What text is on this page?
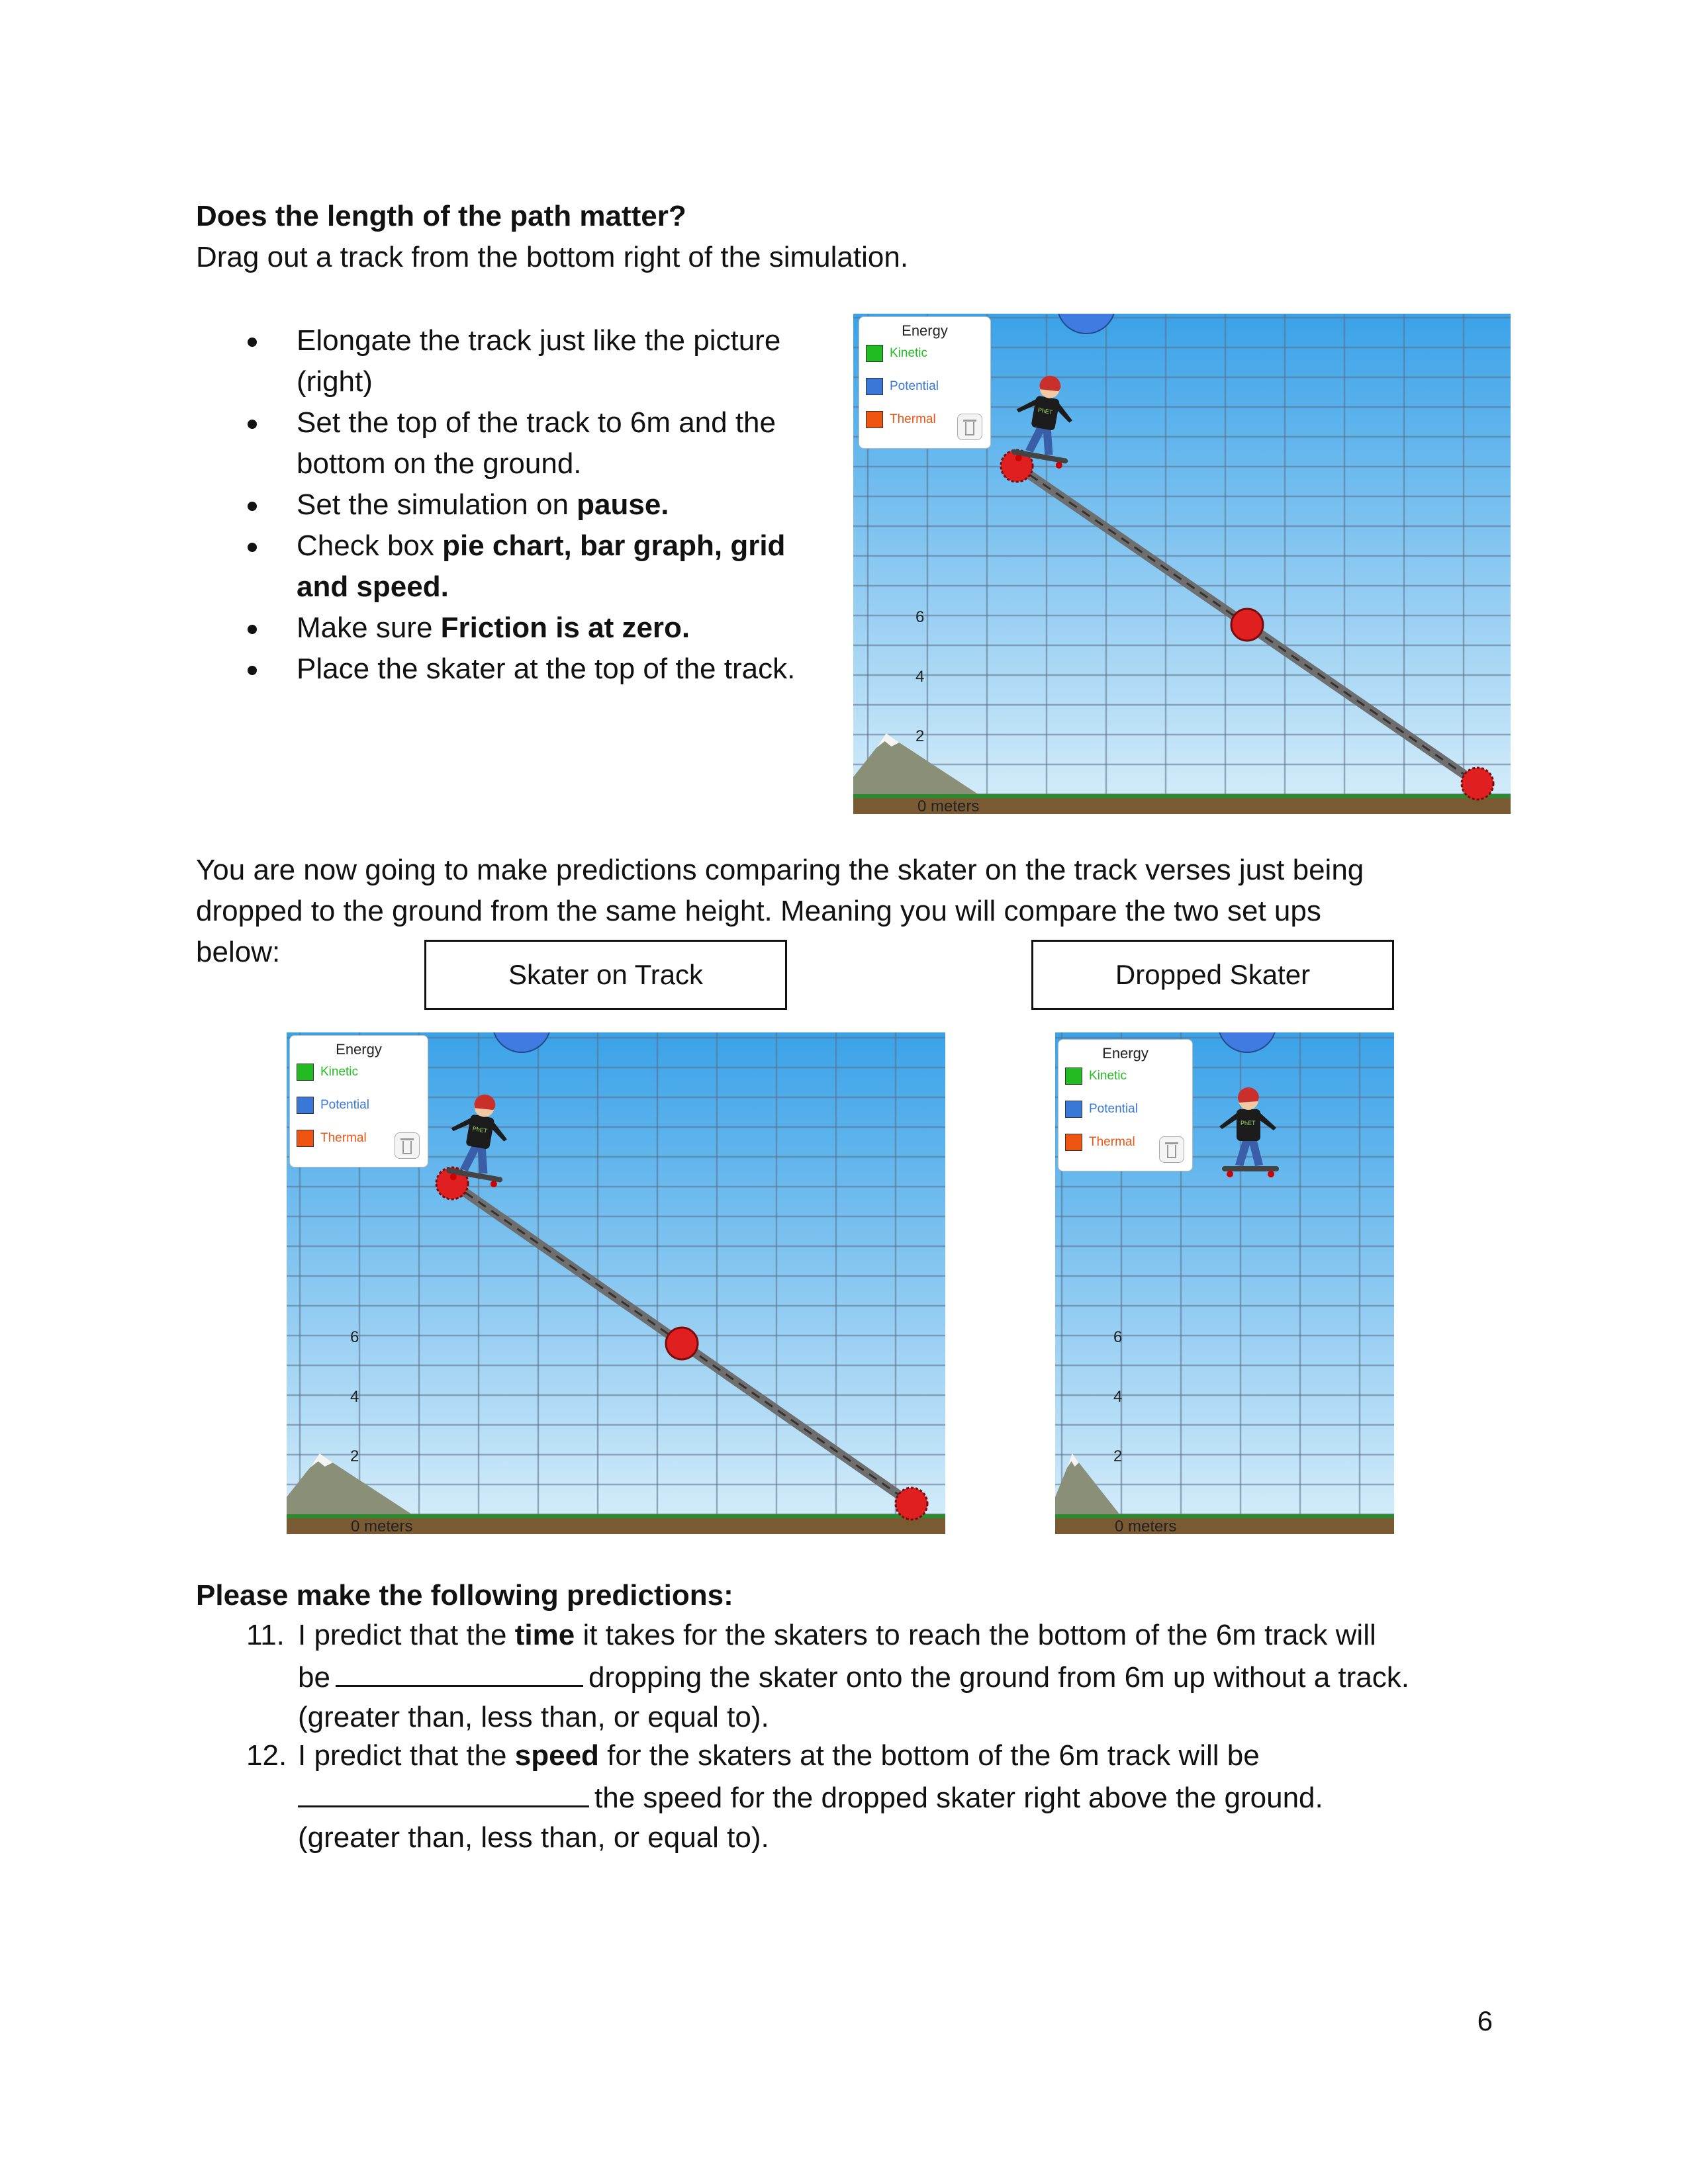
Does the length of the path matter?
Drag out a track from the bottom right of the simulation.
Elongate the track just like the picture
(right)
Set the top of the track to 6m and the
bottom on the ground.
Set the simulation on pause.
Check box pie chart, bar graph, grid
and speed.
Make sure Friction is at zero.
Place the skater at the top of the track.
0 meters
6
4
2
PhET
Energy
Kinetic
Potential
Thermal
You are now going to make predictions comparing the skater on the track verses just being
dropped to the ground from the same height. Meaning you will compare the two set ups
below:
Skater on Track	Dropped Skater
0 meters
6
4
2
PhET
Energy
Kinetic
Potential
Thermal
0 meters
6
4
2
PhET
Energy
Kinetic
Potential
Thermal
Please make the following predictions:
11. I predict that the time it takes for the skaters to reach the bottom of the 6m track will
be	dropping the skater onto the ground from 6m up without a track.
(greater than, less than, or equal to).
12. I predict that the speed for the skaters at the bottom of the 6m track will be
the speed for the dropped skater right above the ground.
(greater than, less than, or equal to).
6
